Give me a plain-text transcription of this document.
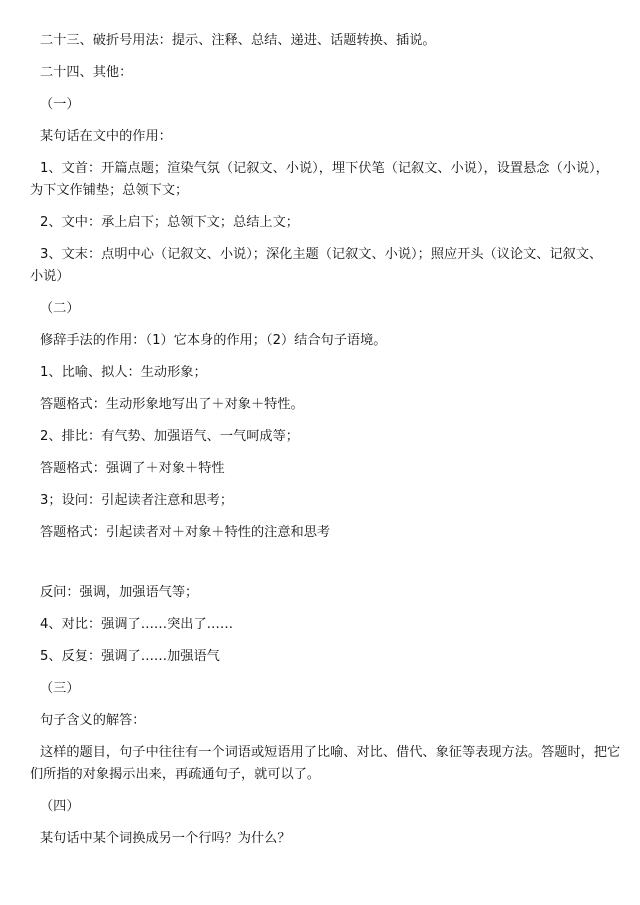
二十三、破折号用法：提示、注释、总结、递进、话题转换、插说。
二十四、其他：
（一）
某句话在文中的作用：
1、文首：开篇点题；渲染气氛（记叙文、小说），埋下伏笔（记叙文、小说），设置悬念（小说），
为下文作铺垫；总领下文；
2、文中：承上启下；总领下文；总结上文；
3、文末：点明中心（记叙文、小说）；深化主题（记叙文、小说）；照应开头（议论文、记叙文、
小说）
（二）
修辞手法的作用：（1）它本身的作用；（2）结合句子语境。
1、比喻、拟人：生动形象；
答题格式：生动形象地写出了＋对象＋特性。
2、排比：有气势、加强语气、一气呵成等；
答题格式：强调了＋对象＋特性
3；设问：引起读者注意和思考；
答题格式：引起读者对＋对象＋特性的注意和思考
反问：强调，加强语气等；
4、对比：强调了……突出了……
5、反复：强调了……加强语气
（三）
句子含义的解答：
这样的题目，句子中往往有一个词语或短语用了比喻、对比、借代、象征等表现方法。答题时，把它
们所指的对象揭示出来，再疏通句子，就可以了。
（四）
某句话中某个词换成另一个行吗？为什么？
